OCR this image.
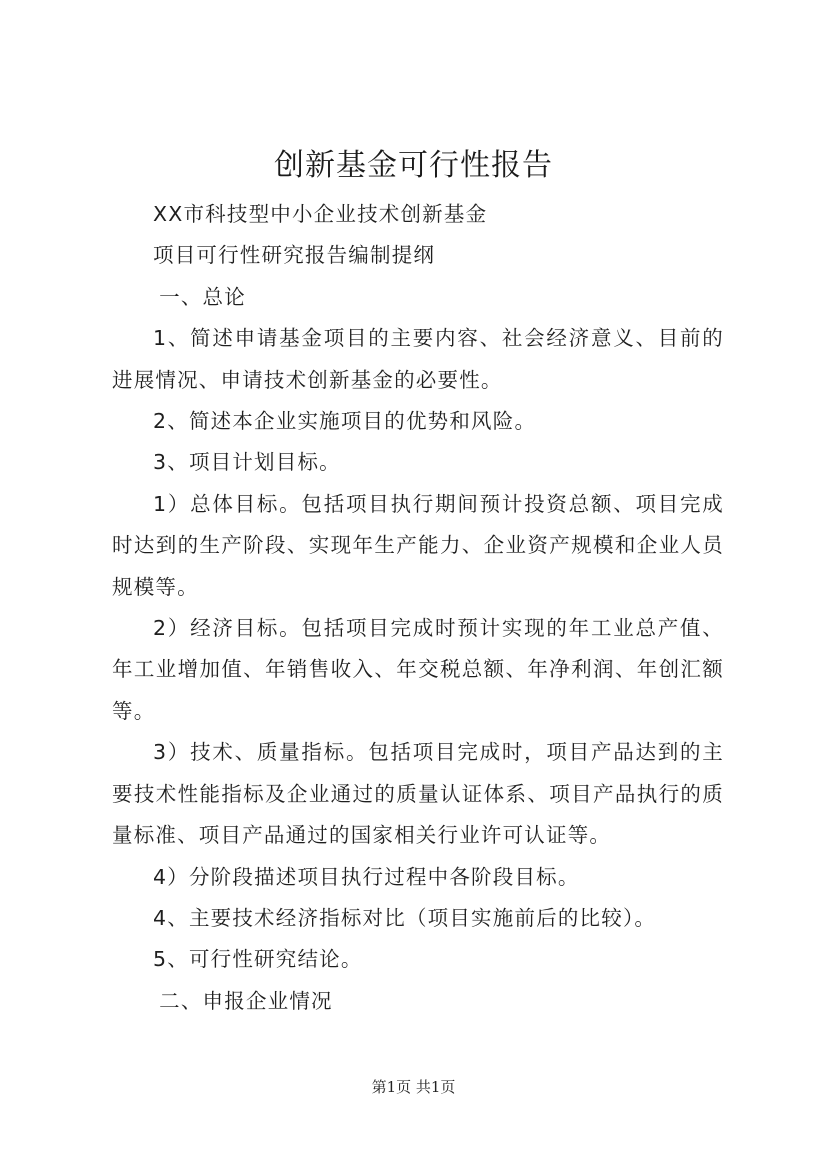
创新基金可行性报告

XX市科技型中小企业技术创新基金

项目可行性研究报告编制提纲

一、总论

1、简述申请基金项目的主要内容、社会经济意义、目前的进展情况、申请技术创新基金的必要性。

2、简述本企业实施项目的优势和风险。

3、项目计划目标。

1）总体目标。包括项目执行期间预计投资总额、项目完成时达到的生产阶段、实现年生产能力、企业资产规模和企业人员规模等。

2）经济目标。包括项目完成时预计实现的年工业总产值、年工业增加值、年销售收入、年交税总额、年净利润、年创汇额等。

3）技术、质量指标。包括项目完成时，项目产品达到的主要技术性能指标及企业通过的质量认证体系、项目产品执行的质量标准、项目产品通过的国家相关行业许可认证等。

4）分阶段描述项目执行过程中各阶段目标。

4、主要技术经济指标对比（项目实施前后的比较）。

5、可行性研究结论。

二、申报企业情况

第1页 共1页
